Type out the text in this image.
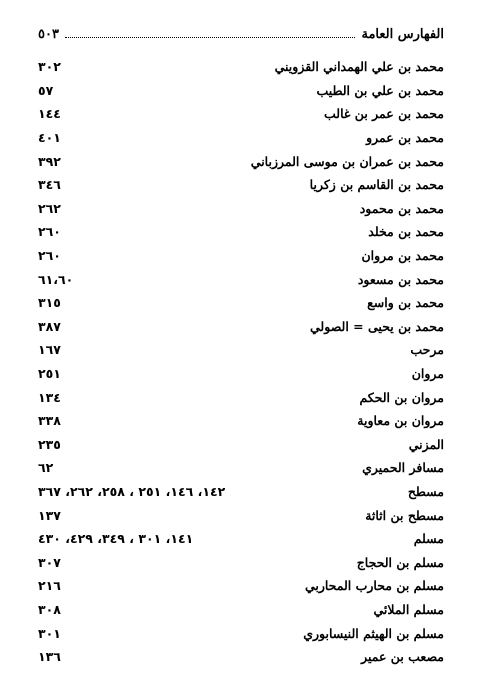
الفهارس العامة
٥٠٣
محمد بن علي الهمداني القزويني
٣٠٢
محمد بن علي بن الطيب
٥٧
محمد بن عمر بن غالب
١٤٤
محمد بن عمرو
٤٠١
محمد بن عمران بن موسى المرزباني
٣٩٢
محمد بن القاسم بن زكريا
٣٤٦
محمد بن محمود
٢٦٢
محمد بن مخلد
٢٦٠
محمد بن مروان
٢٦٠
محمد بن مسعود
٦١،٦٠
محمد بن واسع
٣١٥
محمد بن يحيى = الصولي
٣٨٧
مرحب
١٦٧
مروان
٢٥١
مروان بن الحكم
١٣٤
مروان بن معاوية
٣٣٨
المزني
٢٣٥
مسافر الحميري
٦٢
مسطح
١٤٢، ١٤٦، ٢٥١ ، ٢٥٨، ٢٦٢، ٣٦٧
مسطح بن اثاثة
١٣٧
مسلم
١٤١، ٣٠١ ، ٣٤٩، ٤٢٩، ٤٣٠
مسلم بن الحجاج
٣٠٧
مسلم بن محارب المحاربي
٢١٦
مسلم الملائي
٣٠٨
مسلم بن الهيثم النيسابوري
٣٠١
مصعب بن عمير
١٣٦
